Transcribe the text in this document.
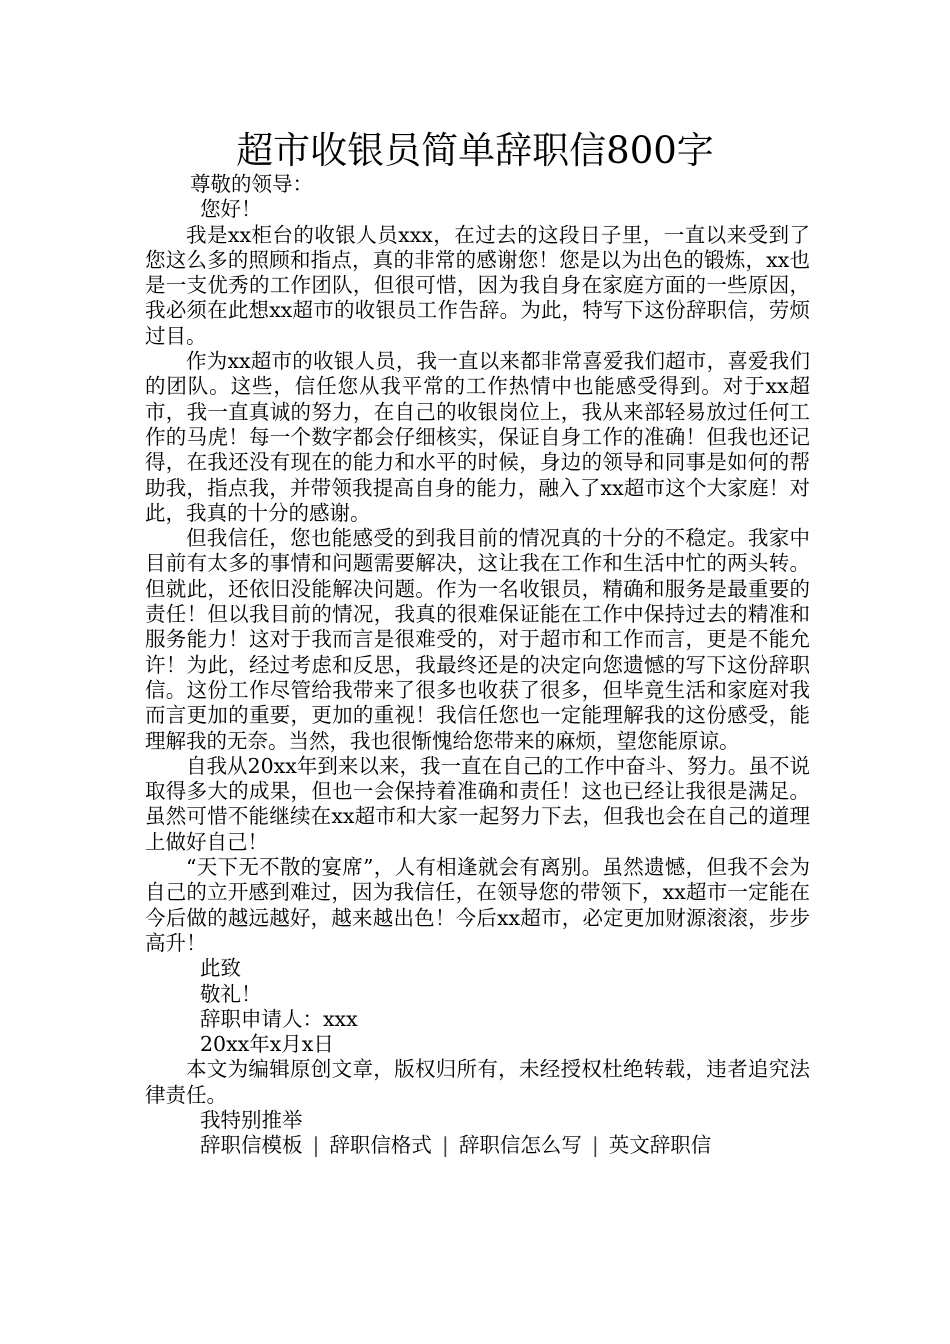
超市收银员简单辞职信800字

尊敬的领导：

您好！

我是xx柜台的收银人员xxx，在过去的这段日子里，一直以来受到了您这么多的照顾和指点，真的非常的感谢您！您是以为出色的锻炼，xx也是一支优秀的工作团队，但很可惜，因为我自身在家庭方面的一些原因，我必须在此想xx超市的收银员工作告辞。为此，特写下这份辞职信，劳烦过目。

作为xx超市的收银人员，我一直以来都非常喜爱我们超市，喜爱我们的团队。这些，信任您从我平常的工作热情中也能感受得到。对于xx超市，我一直真诚的努力，在自己的收银岗位上，我从来部轻易放过任何工作的马虎！每一个数字都会仔细核实，保证自身工作的准确！但我也还记得，在我还没有现在的能力和水平的时候，身边的领导和同事是如何的帮助我，指点我，并带领我提高自身的能力，融入了xx超市这个大家庭！对此，我真的十分的感谢。

但我信任，您也能感受的到我目前的情况真的十分的不稳定。我家中目前有太多的事情和问题需要解决，这让我在工作和生活中忙的两头转。但就此，还依旧没能解决问题。作为一名收银员，精确和服务是最重要的责任！但以我目前的情况，我真的很难保证能在工作中保持过去的精准和服务能力！这对于我而言是很难受的，对于超市和工作而言，更是不能允许！为此，经过考虑和反思，我最终还是的决定向您遗憾的写下这份辞职信。这份工作尽管给我带来了很多也收获了很多，但毕竟生活和家庭对我而言更加的重要，更加的重视！我信任您也一定能理解我的这份感受，能理解我的无奈。当然，我也很惭愧给您带来的麻烦，望您能原谅。

自我从20xx年到来以来，我一直在自己的工作中奋斗、努力。虽不说取得多大的成果，但也一会保持着准确和责任！这也已经让我很是满足。虽然可惜不能继续在xx超市和大家一起努力下去，但我也会在自己的道理上做好自己！

“天下无不散的宴席”，人有相逢就会有离别。虽然遗憾，但我不会为自己的立开感到难过，因为我信任，在领导您的带领下，xx超市一定能在今后做的越远越好，越来越出色！今后xx超市，必定更加财源滚滚，步步高升！

此致

敬礼！

辞职申请人：xxx

20xx年x月x日

本文为编辑原创文章，版权归所有，未经授权杜绝转载，违者追究法律责任。

我特别推举

辞职信模板 | 辞职信格式 | 辞职信怎么写 | 英文辞职信
